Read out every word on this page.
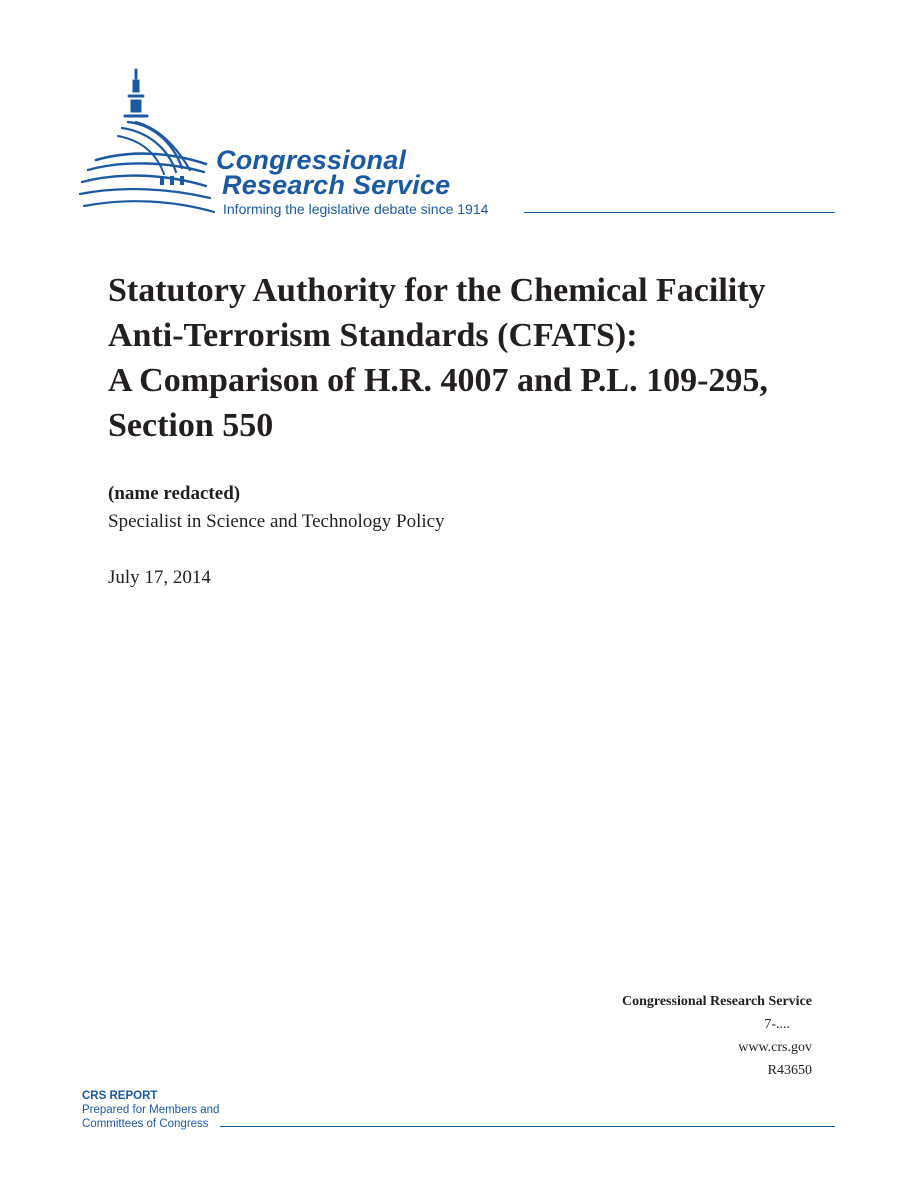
Congressional
Research Service
Informing the legislative debate since 1914
Statutory Authority for the Chemical Facility
Anti-Terrorism Standards (CFATS):
A Comparison of H.R. 4007 and P.L. 109-295,
Section 550
(name redacted)
Specialist in Science and Technology Policy
July 17, 2014
Congressional Research Service
7-....
www.crs.gov
R43650
CRS REPORT
Prepared for Members and
Committees of Congress
